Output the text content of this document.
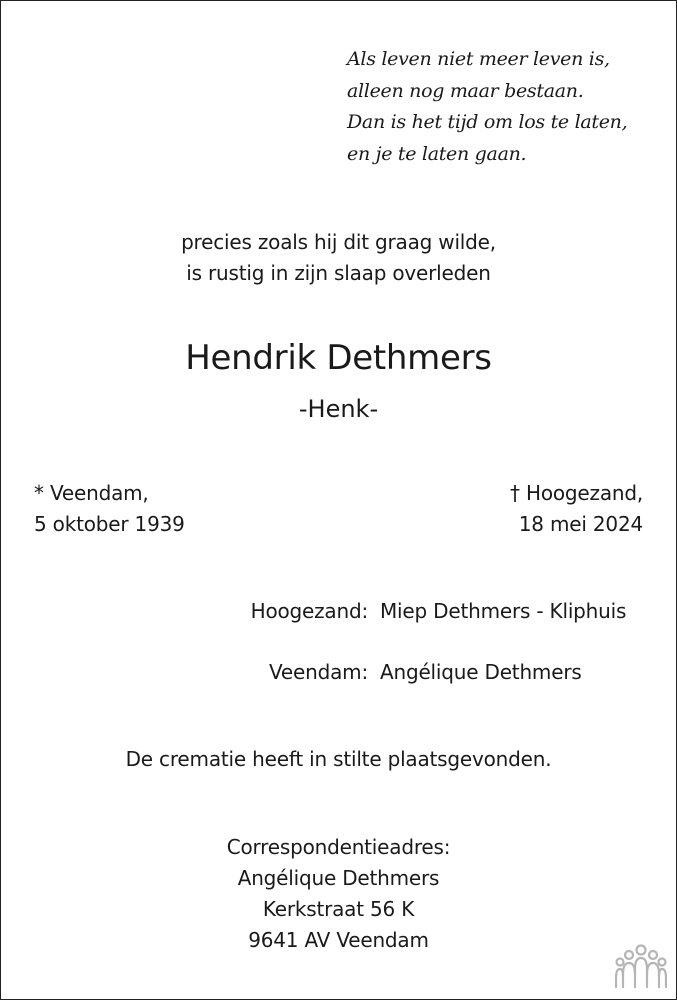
Als leven niet meer leven is,
alleen nog maar bestaan.
Dan is het tijd om los te laten,
en je te laten gaan.
precies zoals hij dit graag wilde,
is rustig in zijn slaap overleden
Hendrik Dethmers
-Henk-
* Veendam,
5 oktober 1939
† Hoogezand,
18 mei 2024
Hoogezand: Miep Dethmers - Kliphuis
Veendam: Angélique Dethmers
De crematie heeft in stilte plaatsgevonden.
Correspondentieadres:
Angélique Dethmers
Kerkstraat 56 K
9641 AV Veendam
